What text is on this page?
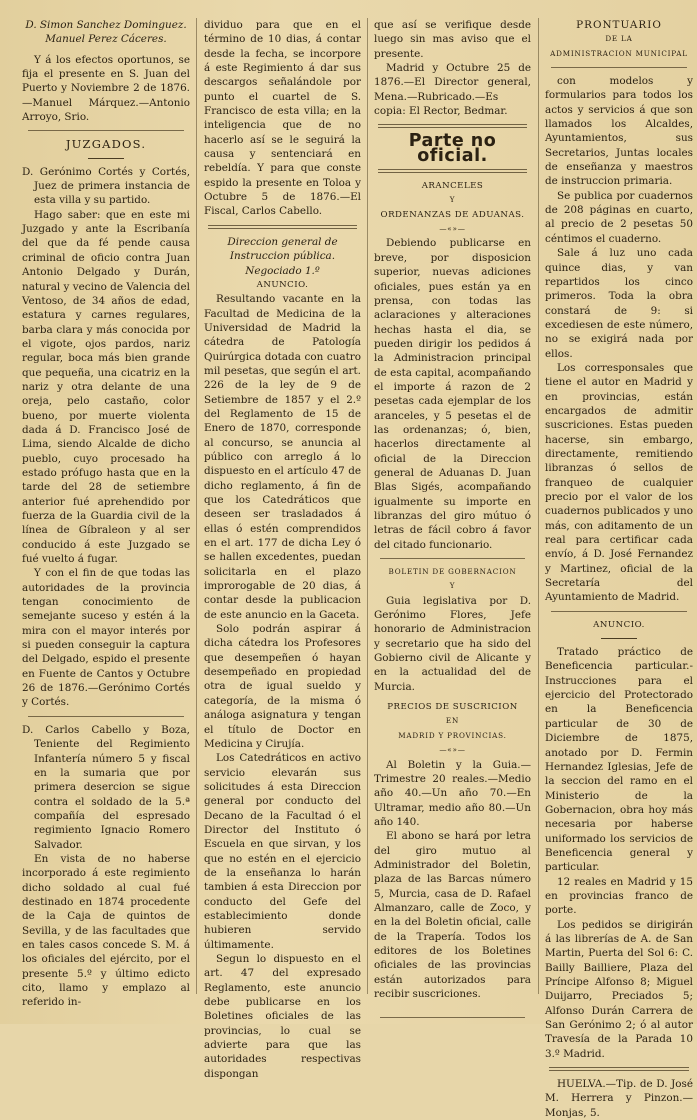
D. Simon Sanchez Dominguez.

Manuel Perez Cáceres.

Y á los efectos oportunos, se fija el presente en S. Juan del Puerto y Noviembre 2 de 1876.—Manuel Márquez.—Antonio Arroyo, Srio.

JUZGADOS.

D. Gerónimo Cortés y Cortés, Juez de primera instancia de esta villa y su partido.

Hago saber: que en este mi Juzgado y ante la Escribanía del que da fé pende causa criminal de oficio contra Juan Antonio Delgado y Durán, natural y vecino de Valencia del Ventoso, de 34 años de edad, estatura y carnes regulares, barba clara y más conocida por el vigote, ojos pardos, nariz regular, boca más bien grande que pequeña, una cicatriz en la nariz y otra delante de una oreja, pelo castaño, color bueno, por muerte violenta dada á D. Francisco José de Lima, siendo Alcalde de dicho pueblo, cuyo procesado ha estado prófugo hasta que en la tarde del 28 de setiembre anterior fué aprehendido por fuerza de la Guardia civil de la línea de Gíbraleon y al ser conducido á este Juzgado se fué vuelto á fugar.

Y con el fin de que todas las autoridades de la provincia tengan conocimiento de semejante suceso y estén á la mira con el mayor interés por si pueden conseguir la captura del Delgado, espido el presente en Fuente de Cantos y Octubre 26 de 1876.—Gerónimo Cortés y Cortés.

D. Carlos Cabello y Boza, Teniente del Regimiento Infantería número 5 y fiscal en la sumaria que por primera desercion se sigue contra el soldado de la 5.ª compañía del espresado regimiento Ignacio Romero Salvador.

En vista de no haberse incorporado á este regimiento dicho soldado al cual fué destinado en 1874 procedente de la Caja de quintos de Sevilla, y de las facultades que en tales casos concede S. M. á los oficiales del ejército, por el presente 5.º y último edicto cito, llamo y emplazo al referido in-

dividuo para que en el término de 10 dias, á contar desde la fecha, se incorpore á este Regimiento á dar sus descargos señalándole por punto el cuartel de S. Francisco de esta villa; en la inteligencia que de no hacerlo así se le seguirá la causa y sentenciará en rebeldía. Y para que conste espido la presente en Toloa y Octubre 5 de 1876.—El Fiscal, Carlos Cabello.

Direccion general de Instruccion pública.

Negociado 1.º

ANUNCIO.

Resultando vacante en la Facultad de Medicina de la Universidad de Madrid la cátedra de Patología Quirúrgica dotada con cuatro mil pesetas, que según el art. 226 de la ley de 9 de Setiembre de 1857 y el 2.º del Reglamento de 15 de Enero de 1870, corresponde al concurso, se anuncia al público con arreglo á lo dispuesto en el artículo 47 de dicho reglamento, á fin de que los Catedráticos que deseen ser trasladados á ellas ó estén comprendidos en el art. 177 de dicha Ley ó se hallen excedentes, puedan solicitarla en el plazo improrogable de 20 dias, á contar desde la publicacion de este anuncio en la Gaceta.

Solo podrán aspirar á dicha cátedra los Profesores que desempeñen ó hayan desempeñado en propiedad otra de igual sueldo y categoría, de la misma ó análoga asignatura y tengan el título de Doctor en Medicina y Cirujía.

Los Catedráticos en activo servicio elevarán sus solicitudes á esta Direccion general por conducto del Decano de la Facultad ó el Director del Instituto ó Escuela en que sirvan, y los que no estén en el ejercicio de la enseñanza lo harán tambien á esta Direccion por conducto del Gefe del establecimiento donde hubieren servido últimamente.

Segun lo dispuesto en el art. 47 del expresado Reglamento, este anuncio debe publicarse en los Boletines oficiales de las provincias, lo cual se advierte para que las autoridades respectivas dispongan

que así se verifique desde luego sin mas aviso que el presente.

Madrid y Octubre 25 de 1876.—El Director general, Mena.—Rubricado.—Es copia: El Rector, Bedmar.

Parte no oficial.

ARANCELES

Y

ORDENANZAS DE ADUANAS.

—«»—

Debiendo publicarse en breve, por disposicion superior, nuevas adiciones oficiales, pues están ya en prensa, con todas las aclaraciones y alteraciones hechas hasta el dia, se pueden dirigir los pedidos á la Administracion principal de esta capital, acompañando el importe á razon de 2 pesetas cada ejemplar de los aranceles, y 5 pesetas el de las ordenanzas; ó, bien, hacerlos directamente al oficial de la Direccion general de Aduanas D. Juan Blas Sigés, acompañando igualmente su importe en libranzas del giro mútuo ó letras de fácil cobro á favor del citado funcionario.

BOLETIN DE GOBERNACION

Y

Guia legislativa por D. Gerónimo Flores, Jefe honorario de Administracion y secretario que ha sido del Gobierno civil de Alicante y en la actualidad del de Murcia.

PRECIOS DE SUSCRICION

EN

MADRID Y PROVINCIAS.

—«»—

Al Boletin y la Guia.—Trimestre 20 reales.—Medio año 40.—Un año 70.—En Ultramar, medio año 80.—Un año 140.

El abono se hará por letra del giro mutuo al Administrador del Boletin, plaza de las Barcas número 5, Murcia, casa de D. Rafael Almanzaro, calle de Zoco, y en la del Boletin oficial, calle de la Trapería. Todos los editores de los Boletines oficiales de las provincias están autorizados para recibir suscriciones.

PRONTUARIO

DE LA

ADMINISTRACION MUNICIPAL

con modelos y formularios para todos los actos y servicios á que son llamados los Alcaldes, Ayuntamientos, sus Secretarios, Juntas locales de enseñanza y maestros de instruccion primaria.

Se publica por cuadernos de 208 páginas en cuarto, al precio de 2 pesetas 50 céntimos el cuaderno.

Sale á luz uno cada quince dias, y van repartidos los cinco primeros. Toda la obra constará de 9: si excediesen de este número, no se exigirá nada por ellos.

Los corresponsales que tiene el autor en Madrid y en provincias, están encargados de admitir suscriciones. Estas pueden hacerse, sin embargo, directamente, remitiendo libranzas ó sellos de franqueo de cualquier precio por el valor de los cuadernos publicados y uno más, con aditamento de un real para certificar cada envío, á D. José Fernandez y Martinez, oficial de la Secretaría del Ayuntamiento de Madrid.

ANUNCIO.

Tratado práctico de Beneficencia particular.-Instrucciones para el ejercicio del Protectorado en la Beneficencia particular de 30 de Diciembre de 1875, anotado por D. Fermin Hernandez Iglesias, Jefe de la seccion del ramo en el Ministerio de la Gobernacion, obra hoy más necesaria por haberse uniformado los servicios de Beneficencia general y particular.

12 reales en Madrid y 15 en provincias franco de porte.

Los pedidos se dirigirán á las librerías de A. de San Martin, Puerta del Sol 6: C. Bailly Bailliere, Plaza del Príncipe Alfonso 8; Miguel Duijarro, Preciados 5; Alfonso Durán Carrera de San Gerónimo 2; ó al autor Travesía de la Parada 10 3.º Madrid.

HUELVA.—Tip. de D. José M. Herrera y Pinzon.—Monjas, 5.
